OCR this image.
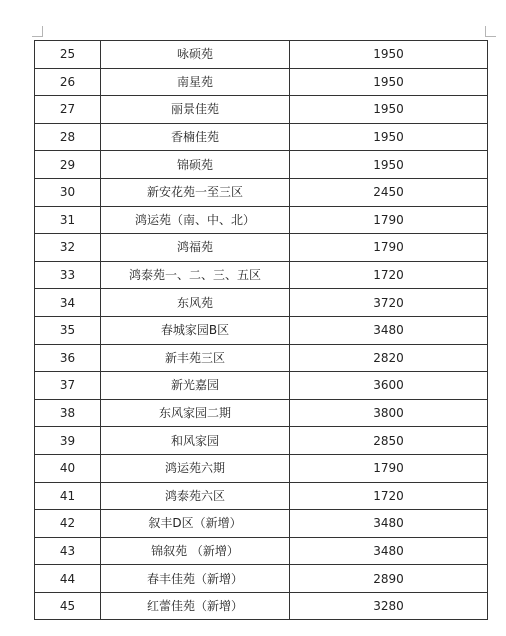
25	咏硕苑	1950
26	南星苑	1950
27	丽景佳苑	1950
28	香楠佳苑	1950
29	锦硕苑	1950
30	新安花苑一至三区	2450
31	鸿运苑（南、中、北）	1790
32	鸿福苑	1790
33	鸿泰苑一、二、三、五区	1720
34	东风苑	3720
35	春城家园B区	3480
36	新丰苑三区	2820
37	新光嘉园	3600
38	东风家园二期	3800
39	和风家园	2850
40	鸿运苑六期	1790
41	鸿泰苑六区	1720
42	叙丰D区（新增）	3480
43	锦叙苑 （新增）	3480
44	春丰佳苑（新增）	2890
45	红蕾佳苑（新增）	3280
